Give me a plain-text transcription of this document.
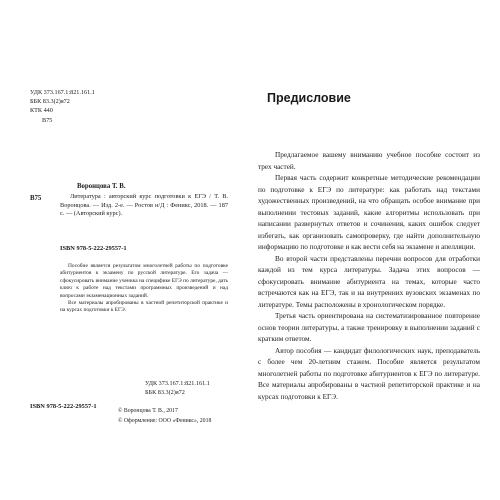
УДК 373.167.1:821.161.1
ББК 83.3(2)я72
КТК 440
В75
Воронцова Т. В.
В75	Литература : авторский курс подготовки к ЕГЭ / Т. В. Воронцова. — Изд. 2-е. — Ростов н/Д : Феникс, 2018. — 187 с. — (Авторский курс).

ISBN 978-5-222-29557-1

Пособие является результатом многолетней работы по подготовке абитуриентов к экзамену по русской литературе. Его задача — сфокусировать внимание ученика на специфике ЕГЭ по литературе, дать ключ к работе над текстами программных произведений и над вопросами экзаменационных заданий.

Все материалы апробированы в частной репетиторской практике и на курсах подготовки к ЕГЭ.

УДК 373.167.1:821.161.1
ББК 83.3(2)я72
ISBN 978-5-222-29557-1
© Воронцова Т. В., 2017
© Оформление: ООО «Феникс», 2018
Предисловие

Предлагаемое вашему вниманию учебное пособие состоит из трех частей.

Первая часть содержит конкретные методические рекомендации по подготовке к ЕГЭ по литературе: как работать над текстами художественных произведений, на что обращать особое внимание при выполнении тестовых заданий, какие алгоритмы использовать при написании развернутых ответов и сочинения, каких ошибок следует избегать, как организовать самопроверку, где найти дополнительную информацию по подготовке и как вести себя на экзамене и апелляции.

Во второй части представлены перечни вопросов для отработки каждой из тем курса литературы. Задача этих вопросов — сфокусировать внимание абитуриента на темах, которые часто встречаются как на ЕГЭ, так и на внутренних вузовских экзаменах по литературе. Темы расположены в хронологическом порядке.

Третья часть ориентирована на систематизированное повторение основ теории литературы, а также тренировку в выполнении заданий с кратким ответом.

Автор пособия — кандидат филологических наук, преподаватель с более чем 20-летним стажем. Пособие является результатом многолетней работы по подготовке абитуриентов к ЕГЭ по литературе. Все материалы апробированы в частной репетиторской практике и на курсах подготовки к ЕГЭ.
